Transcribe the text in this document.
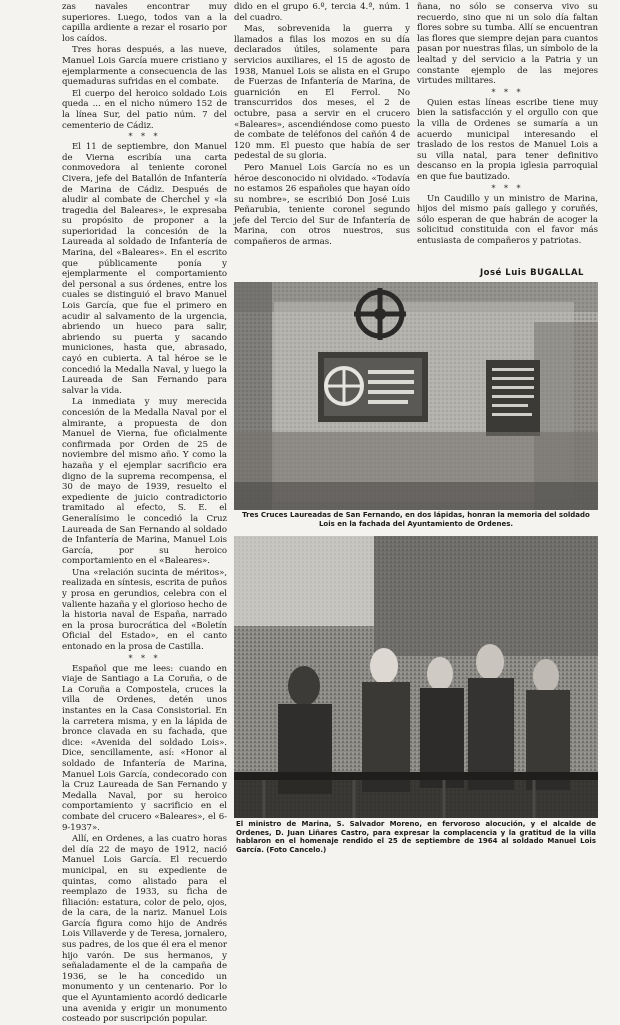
zas navales encontrar muy superiores. Luego, todos van a la capilla ardiente a rezar el rosario por los caídos.

Tres horas después, a las nueve, Manuel Lois García muere cristiano y ejemplarmente a consecuencia de las quemaduras sufridas en el combate.

El cuerpo del heroico soldado Lois queda ... en el nicho número 152 de la línea Sur, del patio núm. 7 del cementerio de Cádiz.

* * *

El 11 de septiembre, don Manuel de Vierna escribía una carta conmovedora al teniente coronel Civera, jefe del Batallón de Infantería de Marina de Cádiz. Después de aludir al combate de Cherchel y «la tragedia del Baleares», le expresaba su propósito de proponer a la superioridad la concesión de la Laureada al soldado de Infantería de Marina, del «Baleares». En el escrito que públicamente ponía y ejemplarmente el comportamiento del personal a sus órdenes, entre los cuales se distinguió el bravo Manuel Lois García, que fue el primero en acudir al salvamento de la urgencia, abriendo un hueco para salir, abriendo su puerta y sacando municiones, hasta que, abrasado, cayó en cubierta. A tal héroe se le concedió la Medalla Naval, y luego la Laureada de San Fernando para salvar la vida.

La inmediata y muy merecida concesión de la Medalla Naval por el almirante, a propuesta de don Manuel de Vierna, fue oficialmente confirmada por Orden de 25 de noviembre del mismo año. Y como la hazaña y el ejemplar sacrificio era digno de la suprema recompensa, el 30 de mayo de 1939, resuelto el expediente de juicio contradictorio tramitado al efecto, S. E. el Generalísimo le concedió la Cruz Laureada de San Fernando al soldado de Infantería de Marina, Manuel Lois García, por su heroico comportamiento en el «Baleares».

Una «relación sucinta de méritos», realizada en síntesis, escrita de puños y prosa en gerundios, celebra con el valiente hazaña y el glorioso hecho de la historia naval de España, narrado en la prosa burocrática del «Boletín Oficial del Estado», en el canto entonado en la prosa de Castilla.

* * *

Español que me lees: cuando en viaje de Santiago a La Coruña, o de La Coruña a Compostela, cruces la villa de Ordenes, detén unos instantes en la Casa Consistorial. En la carretera misma, y en la lápida de bronce clavada en su fachada, que dice: «Avenida del soldado Lois». Dice, sencillamente, así: «Honor al soldado de Infantería de Marina, Manuel Lois García, condecorado con la Cruz Laureada de San Fernando y Medalla Naval, por su heroico comportamiento y sacrificio en el combate del crucero «Baleares», el 6-9-1937».

Allí, en Ordenes, a las cuatro horas del día 22 de mayo de 1912, nació Manuel Lois García. El recuerdo municipal, en su expediente de quintas, como alistado para el reemplazo de 1933, su ficha de filiación: estatura, color de pelo, ojos, de la cara, de la nariz. Manuel Lois García figura como hijo de Andrés Lois Villaverde y de Teresa, jornalero, sus padres, de los que él era el menor hijo varón. De sus hermanos, y señaladamente el de la campaña de 1936, se le ha concedido un monumento y un centenario. Por lo que el Ayuntamiento acordó dedicarle una avenida y erigir un monumento costeado por suscripción popular.

dido en el grupo 6.º, tercia 4.ª, núm. 1 del cuadro.

Mas, sobrevenida la guerra y llamados a filas los mozos en su día declarados útiles, solamente para servicios auxiliares, el 15 de agosto de 1938, Manuel Lois se alista en el Grupo de Fuerzas de Infantería de Marina, de guarnición en El Ferrol. No transcurridos dos meses, el 2 de octubre, pasa a servir en el crucero «Baleares», ascendiéndose como puesto de combate de teléfonos del cañón 4 de 120 mm. El puesto que había de ser pedestal de su gloria.

Pero Manuel Lois García no es un héroe desconocido ni olvidado. «Todavía no estamos 26 españoles que hayan oído su nombre», se escribió Don José Luis Peñarubia, teniente coronel segundo jefe del Tercio del Sur de Infantería de Marina, con otros nuestros, sus compañeros de armas.

ñana, no sólo se conserva vivo su recuerdo, sino que ni un solo día faltan flores sobre su tumba. Allí se encuentran las flores que siempre dejan para cuantos pasan por nuestras filas, un símbolo de la lealtad y del servicio a la Patria y un constante ejemplo de las mejores virtudes militares.

* * *

Quien estas líneas escribe tiene muy bien la satisfacción y el orgullo con que la villa de Ordenes se sumaría a un acuerdo municipal interesando el traslado de los restos de Manuel Lois a su villa natal, para tener definitivo descanso en la propia iglesia parroquial en que fue bautizado.

* * *

Un Caudillo y un ministro de Marina, hijos del mismo país gallego y coruñés, sólo esperan de que habrán de acoger la solicitud constituida con el favor más entusiasta de compañeros y patriotas.

José Luis BUGALLAL
Tres Cruces Laureadas de San Fernando, en dos lápidas, honran la memoria del soldado Lois en la fachada del Ayuntamiento de Ordenes.
El ministro de Marina, S. Salvador Moreno, en fervoroso alocución, y el alcalde de Ordenes, D. Juan Liñares Castro, para expresar la complacencia y la gratitud de la villa hablaron en el homenaje rendido el 25 de septiembre de 1964 al soldado Manuel Lois García. (Foto Cancelo.)
